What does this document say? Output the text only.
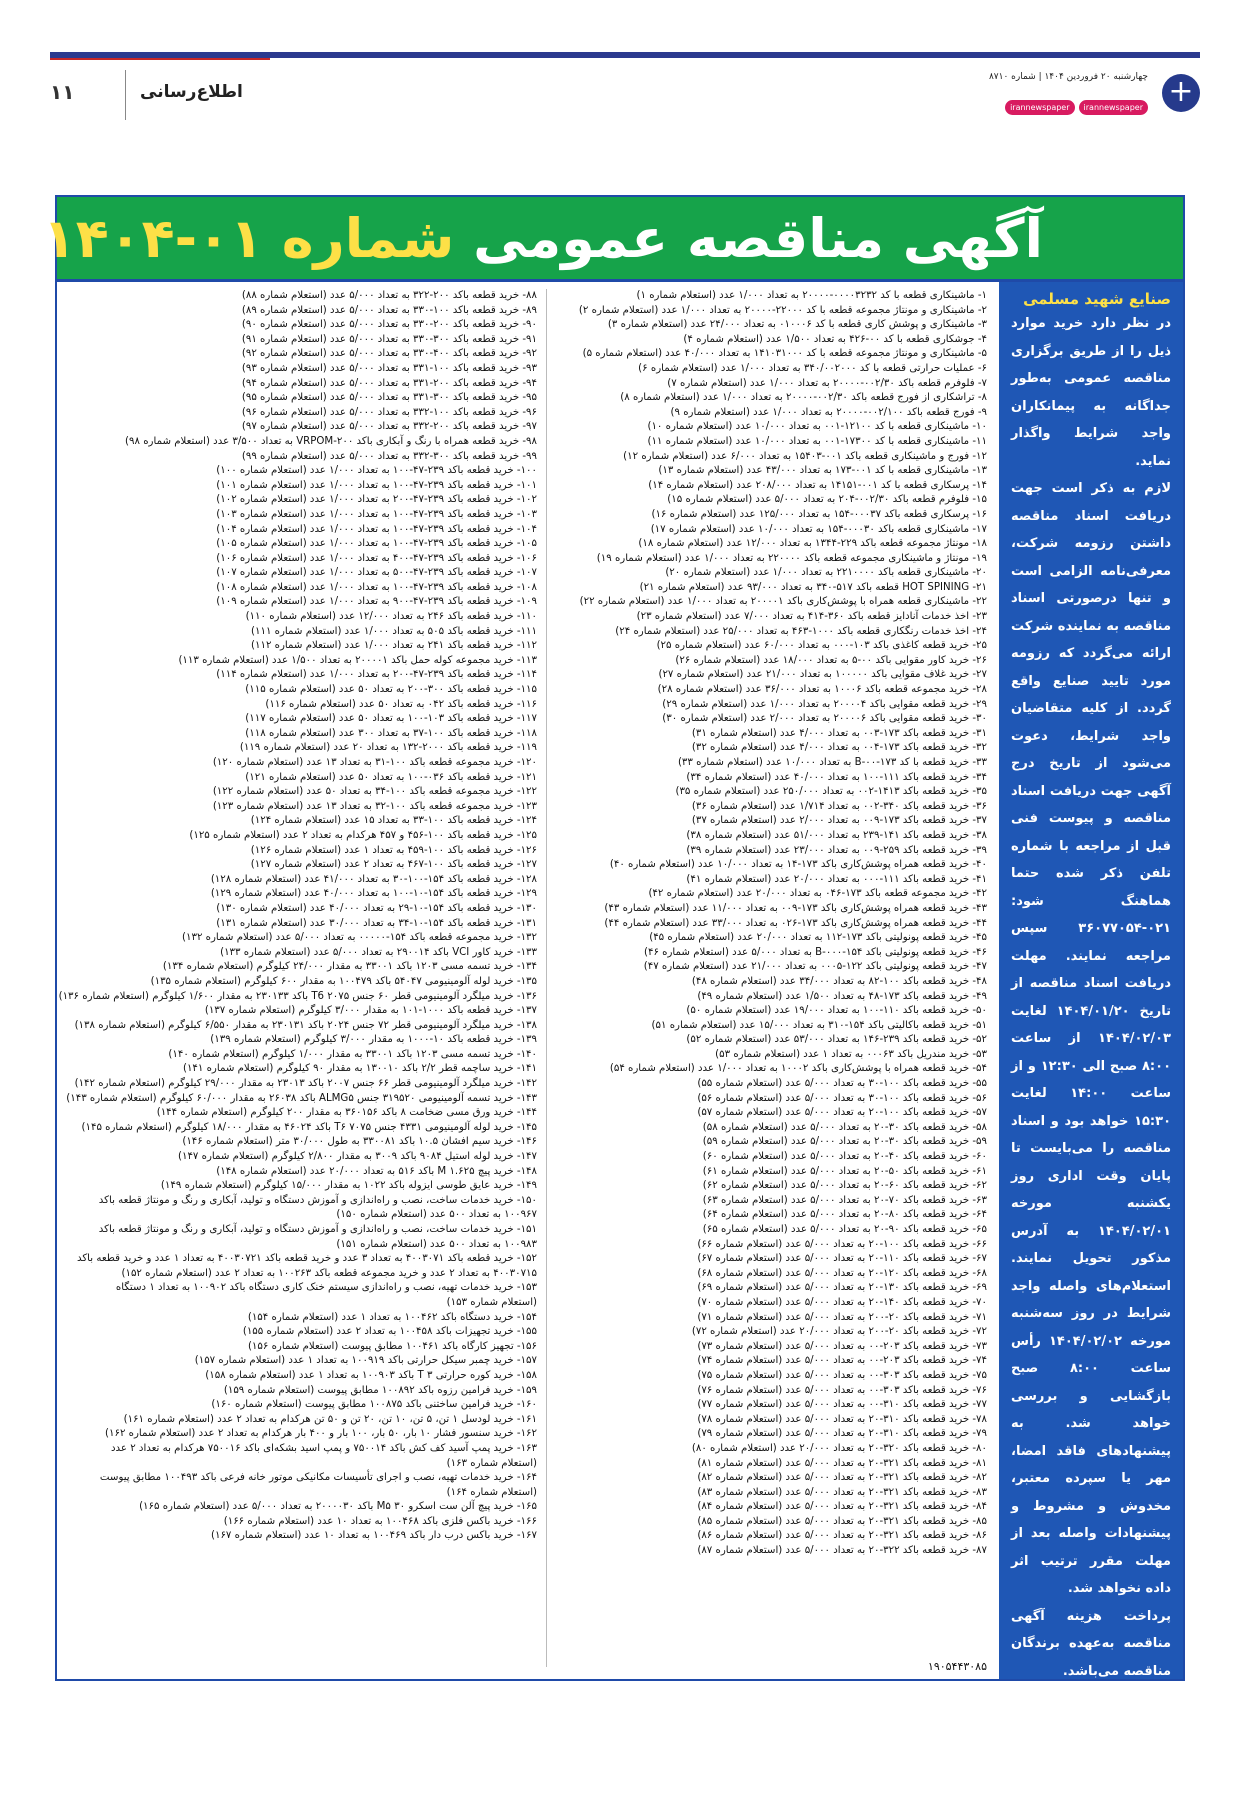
۱۱	اطلاع‌رسانی	+
چهارشنبه ۲۰ فروردین ۱۴۰۴ | شماره ۸۷۱۰
irannewspaper
irannewspaper
آگهی مناقصه عمومی شماره ۰۱-۱۴۰۴
صنایع شهید مسلمی
در نظر دارد خرید موارد ذیل را از طریق برگزاری مناقصه عمومی به‌طور جداگانه به پیمانکاران واجد شرایط واگذار نماید.
لازم به ذکر است جهت دریافت اسناد مناقصه داشتن رزومه شرکت، معرفی‌نامه الزامی است و تنها درصورتی اسناد مناقصه به نماینده شرکت ارائه می‌گردد که رزومه مورد تایید صنایع واقع گردد. از کلیه متقاضیان واجد شرایط، دعوت می‌شود از تاریخ درج آگهی جهت دریافت اسناد مناقصه و پیوست فنی قبل از مراجعه با شماره تلفن ذکر شده حتما هماهنگ شود: ۰۲۱-۳۶۰۷۷۰۵۴ سپس مراجعه نمایند. مهلت دریافت اسناد مناقصه از تاریخ ۱۴۰۴/۰۱/۲۰ لغایت ۱۴۰۴/۰۲/۰۳ از ساعت ۸:۰۰ صبح الی ۱۲:۳۰ و از ساعت ۱۴:۰۰ لغایت ۱۵:۳۰ خواهد بود و اسناد مناقصه را می‌بایست تا پایان وقت اداری روز یکشنبه مورخه ۱۴۰۴/۰۲/۰۱ به آدرس مذکور تحویل نمایند. استعلام‌های واصله واجد شرایط در روز سه‌شنبه مورخه ۱۴۰۴/۰۲/۰۲ رأس ساعت ۸:۰۰ صبح بازگشایی و بررسی خواهد شد. به پیشنهادهای فاقد امضا، مهر یا سپرده معتبر، مخدوش و مشروط و پیشنهادات واصله بعد از مهلت مقرر ترتیب اثر داده نخواهد شد.
پرداخت هزینه آگهی مناقصه به‌عهده برندگان مناقصه می‌باشد.
هر شرکت‌کننده جهت حضور در یک یا چند موضوع مناقصه مختار می‌باشد.
۱- ماشینکاری قطعه با کد ۰۰۰۰۳۲۳۲-۲۰۰۰۰ به تعداد ۱/۰۰۰ عدد (استعلام شماره ۱)
۲- ماشینکاری و مونتاژ مجموعه قطعه با کد ۲۲۰۰۰-۲۰۰۰۰ به تعداد ۱/۰۰۰ عدد (استعلام شماره ۲)
۳- ماشینکاری و پوشش کاری قطعه با کد ۰۱۰۰۰۶ به تعداد ۲۴/۰۰۰ عدد (استعلام شماره ۳)
۴- جوشکاری قطعه با کد ۰۰-۴۲۶ به تعداد ۱/۵۰۰ عدد (استعلام شماره ۴)
۵- ماشینکاری و مونتاژ مجموعه قطعه با کد ۱۴۱۰۳۱۰۰۰ به تعداد ۴۰/۰۰۰ عدد (استعلام شماره ۵)
۶- عملیات حرارتی قطعه با کد ۳۴۰/۰۰۲۰۰۰ به تعداد ۱/۰۰۰ عدد (استعلام شماره ۶)
۷- فلوفرم قطعه باکد ۰۰۲/۳۰-۲۰۰۰۰ به تعداد ۱/۰۰۰ عدد (استعلام شماره ۷)
۸- تراشکاری از فورج قطعه باکد ۰۰۲/۳۰-۲۰۰۰۰ به تعداد ۱/۰۰۰ عدد (استعلام شماره ۸)
۹- فورج قطعه باکد ۰۰۲/۱۰۰-۲۰۰۰۰ به تعداد ۱/۰۰۰ عدد (استعلام شماره ۹)
۱۰- ماشینکاری قطعه با کد ۱۲۱۰۰-۰۰۱ به تعداد ۱۰/۰۰۰ عدد (استعلام شماره ۱۰)
۱۱- ماشینکاری قطعه با کد ۱۷۳۰۰-۰۰۱ به تعداد ۱۰/۰۰۰ عدد (استعلام شماره ۱۱)
۱۲- فورج و ماشینکاری قطعه باکد ۰۰۱-۱۵۴۰۳ به تعداد ۶/۰۰۰ عدد (استعلام شماره ۱۲)
۱۳- ماشینکاری قطعه با کد ۰۰۱-۱۷۳ به تعداد ۴۳/۰۰۰ عدد (استعلام شماره ۱۳)
۱۴- پرسکاری قطعه با کد ۰۰۱-۱۴۱۵۱ به تعداد ۲۰۸/۰۰۰ عدد (استعلام شماره ۱۴)
۱۵- فلوفرم قطعه باکد ۰۰۲/۳۰-۲۰۴ به تعداد ۵/۰۰۰ عدد (استعلام شماره ۱۵)
۱۶- پرسکاری قطعه باکد ۰۰۰۳۷-۱۵۴ به تعداد ۱۲۵/۰۰۰ عدد (استعلام شماره ۱۶)
۱۷- ماشینکاری قطعه باکد ۰۰۰۳۰-۱۵۴ به تعداد ۱۰/۰۰۰ عدد (استعلام شماره ۱۷)
۱۸- مونتاژ مجموعه قطعه باکد ۲۲۹-۱۳۴۴ به تعداد ۱۲/۰۰۰ عدد (استعلام شماره ۱۸)
۱۹- مونتاژ و ماشینکاری مجموعه قطعه باکد ۲۲۰۰۰۰ به تعداد ۱/۰۰۰ عدد (استعلام شماره ۱۹)
۲۰- ماشینکاری قطعه باکد ۲۲۱۰۰۰۰ به تعداد ۱/۰۰۰ عدد (استعلام شماره ۲۰)
۲۱- HOT SPINING قطعه باکد ۵۱۷-۳۴۰ به تعداد ۹۳/۰۰۰ عدد (استعلام شماره ۲۱)
۲۲- ماشینکاری قطعه همراه با پوشش‌کاری باکد ۲۰۰۰۰۱ به تعداد ۱/۰۰۰ عدد (استعلام شماره ۲۲)
۲۳- اخذ خدمات آنادایز قطعه باکد ۳۶۰-۴۱۴ به تعداد ۷/۰۰۰ عدد (استعلام شماره ۲۳)
۲۴- اخذ خدمات رنگکاری قطعه باکد ۱۰۰۰-۴۶۳ به تعداد ۲۵/۰۰۰ عدد (استعلام شماره ۲۴)
۲۵- خرید قطعه کاغذی باکد ۱۰۳-۰۰۰ به تعداد ۶۰/۰۰۰ عدد (استعلام شماره ۲۵)
۲۶- خرید کاور مقوایی باکد ۰۰-۵ به تعداد ۱۸/۰۰۰ عدد (استعلام شماره ۲۶)
۲۷- خرید غلاف مقوایی باکد ۱۰۰۰۰۰ به تعداد ۲۱/۰۰۰ عدد (استعلام شماره ۲۷)
۲۸- خرید مجموعه قطعه باکد ۱۰۰۰۶ به تعداد ۳۶/۰۰۰ عدد (استعلام شماره ۲۸)
۲۹- خرید قطعه مقوایی باکد ۲۰۰۰۰۴ به تعداد ۱/۰۰۰ عدد (استعلام شماره ۲۹)
۳۰- خرید قطعه مقوایی باکد ۲۰۰۰۰۶ به تعداد ۲/۰۰۰ عدد (استعلام شماره ۳۰)
۳۱- خرید قطعه باکد ۱۷۳-۰۰۳ به تعداد ۴/۰۰۰ عدد (استعلام شماره ۳۱)
۳۲- خرید قطعه باکد ۱۷۳-۰۰۴ به تعداد ۴/۰۰۰ عدد (استعلام شماره ۳۲)
۳۳- خرید قطعه با کد ۱۷۳-۰۰-B به تعداد ۱۰/۰۰۰ عدد (استعلام شماره ۳۳)
۳۴- خرید قطعه باکد ۱۱۱-۱۰۰ به تعداد ۴۰/۰۰۰ عدد (استعلام شماره ۳۴)
۳۵- خرید قطعه باکد ۱۴۱۳-۰۰۲ به تعداد ۲۵۰/۰۰۰ عدد (استعلام شماره ۳۵)
۳۶- خرید قطعه باکد ۳۴۰-۰۰۲ به تعداد ۱/۷۱۴ عدد (استعلام شماره ۳۶)
۳۷- خرید قطعه باکد ۱۷۳-۰۰۹ به تعداد ۲/۰۰۰ عدد (استعلام شماره ۳۷)
۳۸- خرید قطعه باکد ۱۴۱-۲۳۹ به تعداد ۵۱/۰۰۰ عدد (استعلام شماره ۳۸)
۳۹- خرید قطعه باکد ۲۵۹-۰۰۹ به تعداد ۲۳/۰۰۰ عدد (استعلام شماره ۳۹)
۴۰- خرید قطعه همراه پوشش‌کاری باکد ۱۷۳-۱۴ به تعداد ۱۰/۰۰۰ عدد (استعلام شماره ۴۰)
۴۱- خرید قطعه باکد ۱۱۱-۰۰۰ به تعداد ۲۰/۰۰۰ عدد (استعلام شماره ۴۱)
۴۲- خرید مجموعه قطعه باکد ۱۷۳-۰۴۶ به تعداد ۲۰/۰۰۰ عدد (استعلام شماره ۴۲)
۴۳- خرید قطعه همراه پوشش‌کاری باکد ۱۷۳-۰۰۹ به تعداد ۱۱/۰۰۰ عدد (استعلام شماره ۴۳)
۴۴- خرید قطعه همراه پوشش‌کاری باکد ۱۷۳-۰۲۶ به تعداد ۳۳/۰۰۰ عدد (استعلام شماره ۴۴)
۴۵- خرید قطعه پونولیتی باکد ۱۷۳-۱۱۲ به تعداد ۲۰/۰۰۰ عدد (استعلام شماره ۴۵)
۴۶- خرید قطعه پونولیتی باکد ۱۵۴-۰۰۰-B به تعداد ۵/۰۰۰ عدد (استعلام شماره ۴۶)
۴۷- خرید قطعه پونولیتی باکد ۱۲۲-۰۰۰۵ به تعداد ۲۱/۰۰۰ عدد (استعلام شماره ۴۷)
۴۸- خرید قطعه باکد ۱۰۰-۸۲ به تعداد ۳۴/۰۰۰ عدد (استعلام شماره ۴۸)
۴۹- خرید قطعه باکد ۱۷۳-۴۸ به تعداد ۱/۵۰۰ عدد (استعلام شماره ۴۹)
۵۰- خرید قطعه باکد ۱۱۰-۱۰۰ به تعداد ۱۹/۰۰۰ عدد (استعلام شماره ۵۰)
۵۱- خرید قطعه باکالیتی باکد ۱۵۴-۳۱۰ به تعداد ۱۵/۰۰۰ عدد (استعلام شماره ۵۱)
۵۲- خرید قطعه باکد ۲۳۹-۱۴۶ به تعداد ۵۳/۰۰۰ عدد (استعلام شماره ۵۲)
۵۳- خرید مندریل باکد ۰۰۰۶۳ به تعداد ۱ عدد (استعلام شماره ۵۳)
۵۴- خرید قطعه همراه با پوشش‌کاری باکد ۱۰۰۰۲ به تعداد ۱/۰۰۰ عدد (استعلام شماره ۵۴)
۵۵- خرید قطعه باکد ۱۰۰-۳۰ به تعداد ۵/۰۰۰ عدد (استعلام شماره ۵۵)
۵۶- خرید قطعه باکد ۱۰۰-۳۰ به تعداد ۵/۰۰۰ عدد (استعلام شماره ۵۶)
۵۷- خرید قطعه باکد ۱۰۰-۲۰ به تعداد ۵/۰۰۰ عدد (استعلام شماره ۵۷)
۵۸- خرید قطعه باکد ۳۰-۲۰ به تعداد ۵/۰۰۰ عدد (استعلام شماره ۵۸)
۵۹- خرید قطعه باکد ۳۰-۲۰ به تعداد ۵/۰۰۰ عدد (استعلام شماره ۵۹)
۶۰- خرید قطعه باکد ۴۰-۲۰ به تعداد ۵/۰۰۰ عدد (استعلام شماره ۶۰)
۶۱- خرید قطعه باکد ۵۰-۲۰ به تعداد ۵/۰۰۰ عدد (استعلام شماره ۶۱)
۶۲- خرید قطعه باکد ۶۰-۲۰ به تعداد ۵/۰۰۰ عدد (استعلام شماره ۶۲)
۶۳- خرید قطعه باکد ۷۰-۲۰ به تعداد ۵/۰۰۰ عدد (استعلام شماره ۶۳)
۶۴- خرید قطعه باکد ۸۰-۲۰ به تعداد ۵/۰۰۰ عدد (استعلام شماره ۶۴)
۶۵- خرید قطعه باکد ۹۰-۲۰ به تعداد ۵/۰۰۰ عدد (استعلام شماره ۶۵)
۶۶- خرید قطعه باکد ۱۰۰-۲۰ به تعداد ۵/۰۰۰ عدد (استعلام شماره ۶۶)
۶۷- خرید قطعه باکد ۱۱۰-۲۰ به تعداد ۵/۰۰۰ عدد (استعلام شماره ۶۷)
۶۸- خرید قطعه باکد ۱۲۰-۲۰ به تعداد ۵/۰۰۰ عدد (استعلام شماره ۶۸)
۶۹- خرید قطعه باکد ۱۳۰-۲۰ به تعداد ۵/۰۰۰ عدد (استعلام شماره ۶۹)
۷۰- خرید قطعه باکد ۱۴۰-۲۰ به تعداد ۵/۰۰۰ عدد (استعلام شماره ۷۰)
۷۱- خرید قطعه باکد ۲۰-۲۰۰ به تعداد ۵/۰۰۰ عدد (استعلام شماره ۷۱)
۷۲- خرید قطعه باکد ۲۰-۲۰۰ به تعداد ۲۰/۰۰۰ عدد (استعلام شماره ۷۲)
۷۳- خرید قطعه باکد ۲۰۳-۰۰ به تعداد ۵/۰۰۰ عدد (استعلام شماره ۷۳)
۷۴- خرید قطعه باکد ۲۰۳-۰۰ به تعداد ۵/۰۰۰ عدد (استعلام شماره ۷۴)
۷۵- خرید قطعه باکد ۳۰۳-۰۰ به تعداد ۵/۰۰۰ عدد (استعلام شماره ۷۵)
۷۶- خرید قطعه باکد ۳۰۳-۰۰ به تعداد ۵/۰۰۰ عدد (استعلام شماره ۷۶)
۷۷- خرید قطعه باکد ۳۱۰-۰۰ به تعداد ۵/۰۰۰ عدد (استعلام شماره ۷۷)
۷۸- خرید قطعه باکد ۳۱۰-۲۰ به تعداد ۵/۰۰۰ عدد (استعلام شماره ۷۸)
۷۹- خرید قطعه باکد ۳۱۰-۲۰ به تعداد ۵/۰۰۰ عدد (استعلام شماره ۷۹)
۸۰- خرید قطعه باکد ۳۲۰-۲۰ به تعداد ۲۰/۰۰۰ عدد (استعلام شماره ۸۰)
۸۱- خرید قطعه باکد ۳۲۱-۲۰ به تعداد ۵/۰۰۰ عدد (استعلام شماره ۸۱)
۸۲- خرید قطعه باکد ۳۲۱-۲۰ به تعداد ۵/۰۰۰ عدد (استعلام شماره ۸۲)
۸۳- خرید قطعه باکد ۳۲۱-۲۰ به تعداد ۵/۰۰۰ عدد (استعلام شماره ۸۳)
۸۴- خرید قطعه باکد ۳۲۱-۲۰ به تعداد ۵/۰۰۰ عدد (استعلام شماره ۸۴)
۸۵- خرید قطعه باکد ۳۲۱-۲۰ به تعداد ۵/۰۰۰ عدد (استعلام شماره ۸۵)
۸۶- خرید قطعه باکد ۳۲۱-۲۰ به تعداد ۵/۰۰۰ عدد (استعلام شماره ۸۶)
۸۷- خرید قطعه باکد ۳۲۲-۲۰ به تعداد ۵/۰۰۰ عدد (استعلام شماره ۸۷)
۸۸- خرید قطعه باکد ۲۰۰-۳۲۲ به تعداد ۵/۰۰۰ عدد (استعلام شماره ۸۸)
۸۹- خرید قطعه باکد ۱۰۰-۳۳۰ به تعداد ۵/۰۰۰ عدد (استعلام شماره ۸۹)
۹۰- خرید قطعه باکد ۲۰۰-۳۳۰ به تعداد ۵/۰۰۰ عدد (استعلام شماره ۹۰)
۹۱- خرید قطعه باکد ۳۰۰-۳۳۰ به تعداد ۵/۰۰۰ عدد (استعلام شماره ۹۱)
۹۲- خرید قطعه باکد ۴۰۰-۳۳۰ به تعداد ۵/۰۰۰ عدد (استعلام شماره ۹۲)
۹۳- خرید قطعه باکد ۱۰۰-۳۳۱ به تعداد ۵/۰۰۰ عدد (استعلام شماره ۹۳)
۹۴- خرید قطعه باکد ۲۰۰-۳۳۱ به تعداد ۵/۰۰۰ عدد (استعلام شماره ۹۴)
۹۵- خرید قطعه باکد ۳۰۰-۳۳۱ به تعداد ۵/۰۰۰ عدد (استعلام شماره ۹۵)
۹۶- خرید قطعه باکد ۱۰۰-۳۳۲ به تعداد ۵/۰۰۰ عدد (استعلام شماره ۹۶)
۹۷- خرید قطعه باکد ۲۰۰-۳۳۲ به تعداد ۵/۰۰۰ عدد (استعلام شماره ۹۷)
۹۸- خرید قطعه همراه با رنگ و آبکاری باکد VRPOM-۲۰۰ به تعداد ۳/۵۰۰ عدد (استعلام شماره ۹۸)
۹۹- خرید قطعه باکد ۳۰۰-۳۳۲ به تعداد ۵/۰۰۰ عدد (استعلام شماره ۹۹)
۱۰۰- خرید قطعه باکد ۲۳۹-۴۷-۱۰۰ به تعداد ۱/۰۰۰ عدد (استعلام شماره ۱۰۰)
۱۰۱- خرید قطعه باکد ۲۳۹-۴۷-۱۰۰ به تعداد ۱/۰۰۰ عدد (استعلام شماره ۱۰۱)
۱۰۲- خرید قطعه باکد ۲۳۹-۴۷-۲۰۰ به تعداد ۱/۰۰۰ عدد (استعلام شماره ۱۰۲)
۱۰۳- خرید قطعه باکد ۲۳۹-۴۷-۱۰۰ به تعداد ۱/۰۰۰ عدد (استعلام شماره ۱۰۳)
۱۰۴- خرید قطعه باکد ۲۳۹-۴۷-۱۰۰ به تعداد ۱/۰۰۰ عدد (استعلام شماره ۱۰۴)
۱۰۵- خرید قطعه باکد ۲۳۹-۴۷-۱۰۰ به تعداد ۱/۰۰۰ عدد (استعلام شماره ۱۰۵)
۱۰۶- خرید قطعه باکد ۲۳۹-۴۷-۴۰۰ به تعداد ۱/۰۰۰ عدد (استعلام شماره ۱۰۶)
۱۰۷- خرید قطعه باکد ۲۳۹-۴۷-۵۰۰ به تعداد ۱/۰۰۰ عدد (استعلام شماره ۱۰۷)
۱۰۸- خرید قطعه باکد ۲۳۹-۴۷-۱۰۰ به تعداد ۱/۰۰۰ عدد (استعلام شماره ۱۰۸)
۱۰۹- خرید قطعه باکد ۲۳۹-۴۷-۹۰۰ به تعداد ۱/۰۰۰ عدد (استعلام شماره ۱۰۹)
۱۱۰- خرید قطعه باکد ۲۴۶ به تعداد ۱۲/۰۰۰ عدد (استعلام شماره ۱۱۰)
۱۱۱- خرید قطعه باکد ۵۰۵ به تعداد ۱/۰۰۰ عدد (استعلام شماره ۱۱۱)
۱۱۲- خرید قطعه باکد ۲۴۱ به تعداد ۱/۰۰۰ عدد (استعلام شماره ۱۱۲)
۱۱۳- خرید مجموعه کوله حمل باکد ۲۰۰۰۰۱ به تعداد ۱/۵۰۰ عدد (استعلام شماره ۱۱۳)
۱۱۴- خرید قطعه باکد ۲۳۹-۴۷-۲۰۰ به تعداد ۱/۰۰۰ عدد (استعلام شماره ۱۱۴)
۱۱۵- خرید قطعه باکد ۳۰۰-۲۰۰ به تعداد ۵۰ عدد (استعلام شماره ۱۱۵)
۱۱۶- خرید قطعه باکد ۰۴۲ به تعداد ۵۰ عدد (استعلام شماره ۱۱۶)
۱۱۷- خرید قطعه باکد ۱۰۳-۱۰۰ به تعداد ۵۰ عدد (استعلام شماره ۱۱۷)
۱۱۸- خرید قطعه باکد ۱۰۰-۳۷ به تعداد ۳۰۰ عدد (استعلام شماره ۱۱۸)
۱۱۹- خرید قطعه باکد ۲۰۰۰-۱۳۲ به تعداد ۲۰ عدد (استعلام شماره ۱۱۹)
۱۲۰- خرید مجموعه قطعه باکد ۱۰۰-۳۱ به تعداد ۱۳ عدد (استعلام شماره ۱۲۰)
۱۲۱- خرید قطعه باکد ۰۳۶-۱۰۰ به تعداد ۵۰ عدد (استعلام شماره ۱۲۱)
۱۲۲- خرید مجموعه قطعه باکد ۱۰۰-۳۴ به تعداد ۵۰ عدد (استعلام شماره ۱۲۲)
۱۲۳- خرید مجموعه قطعه باکد ۱۰۰-۳۲ به تعداد ۱۳ عدد (استعلام شماره ۱۲۳)
۱۲۴- خرید قطعه باکد ۱۰۰-۳۳ به تعداد ۱۵ عدد (استعلام شماره ۱۲۴)
۱۲۵- خرید قطعه باکد ۱۰۰-۴۵۶ و ۴۵۷ هرکدام به تعداد ۲ عدد (استعلام شماره ۱۲۵)
۱۲۶- خرید قطعه باکد ۱۰۰-۴۵۹ به تعداد ۱ عدد (استعلام شماره ۱۲۶)
۱۲۷- خرید قطعه باکد ۱۰۰-۴۶۷ به تعداد ۲ عدد (استعلام شماره ۱۲۷)
۱۲۸- خرید قطعه باکد ۱۵۴-۱۰۰-۳۰ به تعداد ۴۱/۰۰۰ عدد (استعلام شماره ۱۲۸)
۱۲۹- خرید قطعه باکد ۱۵۴-۱۰-۱۰۰ به تعداد ۴۰/۰۰۰ عدد (استعلام شماره ۱۲۹)
۱۳۰- خرید قطعه باکد ۱۵۴-۱۰-۲۹ به تعداد ۴۰/۰۰۰ عدد (استعلام شماره ۱۳۰)
۱۳۱- خرید قطعه باکد ۱۵۴-۱۰-۳۴ به تعداد ۳۰/۰۰۰ عدد (استعلام شماره ۱۳۱)
۱۳۲- خرید مجموعه قطعه باکد ۱۵۴-۰۰۰۰۰ به تعداد ۵/۰۰۰ عدد (استعلام شماره ۱۳۲)
۱۳۳- خرید کاور VCI باکد ۲۹۰۰۱۴ به تعداد ۵/۰۰۰ عدد (استعلام شماره ۱۳۳)
۱۳۴- خرید تسمه مسی ۱۲۰۳ باکد ۳۳۰۰۱ به مقدار ۲۴/۰۰۰ کیلوگرم (استعلام شماره ۱۳۴)
۱۳۵- خرید لوله آلومینیومی ۵۴۰۴۷ باکد ۱۰۰۴۷۹ به مقدار ۶۰۰ کیلوگرم (استعلام شماره ۱۳۵)
۱۳۶- خرید میلگرد آلومینیومی قطر ۶۰ جنس ۲۰۷۵ T6 باکد ۲۳۰۱۳۳ به مقدار ۱/۶۰۰ کیلوگرم (استعلام شماره ۱۳۶)
۱۳۷- خرید قطعه باکد ۱۰۰۰-۱۰۱ به مقدار ۳/۰۰۰ کیلوگرم (استعلام شماره ۱۳۷)
۱۳۸- خرید میلگرد آلومینیومی قطر ۷۲ جنس ۲۰۲۴ باکد ۲۳۰۱۳۱ به مقدار ۶/۵۵۰ کیلوگرم (استعلام شماره ۱۳۸)
۱۳۹- خرید قطعه باکد ۱۰-۱۰۰۰ به مقدار ۳/۰۰۰ کیلوگرم (استعلام شماره ۱۳۹)
۱۴۰- خرید تسمه مسی ۱۲۰۳ باکد ۳۳۰۰۱ به مقدار ۱/۰۰۰ کیلوگرم (استعلام شماره ۱۴۰)
۱۴۱- خرید ساچمه قطر ۲/۲ باکد ۱۳۰۰۱۰ به مقدار ۹۰ کیلوگرم (استعلام شماره ۱۴۱)
۱۴۲- خرید میلگرد آلومینیومی قطر ۶۶ جنس ۲۰۰۷ باکد ۲۳۰۱۳ به مقدار ۲۹/۰۰۰ کیلوگرم (استعلام شماره ۱۴۲)
۱۴۳- خرید تسمه آلومینیومی ۳۱۹۵۲۰ جنس ALMG۵ باکد ۲۶۰۳۸ به مقدار ۶۰/۰۰۰ کیلوگرم (استعلام شماره ۱۴۳)
۱۴۴- خرید ورق مسی ضخامت ۸ باکد ۳۶۰۱۵۶ به مقدار ۲۰۰ کیلوگرم (استعلام شماره ۱۴۴)
۱۴۵- خرید لوله آلومینیومی ۴۳۳۱ جنس ۷۰۷۵ T۶ باکد ۴۶۰۲۴ به مقدار ۱۸/۰۰۰ کیلوگرم (استعلام شماره ۱۴۵)
۱۴۶- خرید سیم افشان ۱۰.۵ باکد ۳۳۰۰۸۱ به طول ۳۰/۰۰۰ متر (استعلام شماره ۱۴۶)
۱۴۷- خرید لوله استیل ۹۰۸۴ باکد ۳۰۰۹ به مقدار ۲/۸۰۰ کیلوگرم (استعلام شماره ۱۴۷)
۱۴۸- خرید پیچ ۱.۶۲۵ M باکد ۵۱۶ به تعداد ۲۰/۰۰۰ عدد (استعلام شماره ۱۴۸)
۱۴۹- خرید عایق طوسی ایزوله باکد ۱۰۲۲ به مقدار ۱۵/۰۰۰ کیلوگرم (استعلام شماره ۱۴۹)
۱۵۰- خرید خدمات ساخت، نصب و راه‌اندازی و آموزش دستگاه و تولید، آبکاری و رنگ و مونتاژ قطعه باکد
۱۰۰۹۶۷ به تعداد ۵۰۰ عدد (استعلام شماره ۱۵۰)
۱۵۱- خرید خدمات ساخت، نصب و راه‌اندازی و آموزش دستگاه و تولید، آبکاری و رنگ و مونتاژ قطعه باکد
۱۰۰۹۸۳ به تعداد ۵۰۰ عدد (استعلام شماره ۱۵۱)
۱۵۲- خرید قطعه باکد ۴۰۰۳۰۷۱ به تعداد ۳ عدد و خرید قطعه باکد ۴۰۰۳۰۷۲۱ به تعداد ۱ عدد و خرید قطعه باکد
۴۰۰۳۰۷۱۵ به تعداد ۲ عدد و خرید مجموعه قطعه باکد ۱۰۰۲۶۳ به تعداد ۲ عدد (استعلام شماره ۱۵۲)
۱۵۳- خرید خدمات تهیه، نصب و راه‌اندازی سیستم خنک کاری دستگاه باکد ۱۰۰۹۰۲ به تعداد ۱ دستگاه
(استعلام شماره ۱۵۳)
۱۵۴- خرید دستگاه باکد ۱۰۰۴۶۲ به تعداد ۱ عدد (استعلام شماره ۱۵۴)
۱۵۵- خرید تجهیزات باکد ۱۰۰۴۵۸ به تعداد ۲ عدد (استعلام شماره ۱۵۵)
۱۵۶- تجهیز کارگاه باکد ۱۰۰۴۶۱ مطابق پیوست (استعلام شماره ۱۵۶)
۱۵۷- خرید چمبر سیکل حرارتی باکد ۱۰۰۹۱۹ به تعداد ۱ عدد (استعلام شماره ۱۵۷)
۱۵۸- خرید کوره حرارتی ۳ T باکد ۱۰۰۹۰۳ به تعداد ۱ عدد (استعلام شماره ۱۵۸)
۱۵۹- خرید فرامین رزوه باکد ۱۰۰۸۹۲ مطابق پیوست (استعلام شماره ۱۵۹)
۱۶۰- خرید فرامین ساختنی باکد ۱۰۰۸۷۵ مطابق پیوست (استعلام شماره ۱۶۰)
۱۶۱- خرید لودسل ۱ تن، ۵ تن، ۱۰ تن، ۲۰ تن و ۵۰ تن هرکدام به تعداد ۲ عدد (استعلام شماره ۱۶۱)
۱۶۲- خرید سنسور فشار ۱۰ بار، ۵۰ بار، ۱۰۰ بار و ۴۰۰ بار هرکدام به تعداد ۲ عدد (استعلام شماره ۱۶۲)
۱۶۳- خرید پمپ آسید کف کش باکد ۷۵۰۰۱۴ و پمپ اسید بشکه‌ای باکد ۷۵۰۰۱۶ هرکدام به تعداد ۲ عدد
(استعلام شماره ۱۶۳)
۱۶۴- خرید خدمات تهیه، نصب و اجرای تأسیسات مکانیکی موتور خانه فرعی باکد ۱۰۰۴۹۳ مطابق پیوست
(استعلام شماره ۱۶۴)
۱۶۵- خرید پیچ آلن ست اسکرو ۳۰ M۵ باکد ۲۰۰۰۰۳۰ به تعداد ۵/۰۰۰ عدد (استعلام شماره ۱۶۵)
۱۶۶- خرید باکس فلزی باکد ۱۰۰۴۶۸ به تعداد ۱۰ عدد (استعلام شماره ۱۶۶)
۱۶۷- خرید باکس درب دار باکد ۱۰۰۴۶۹ به تعداد ۱۰ عدد (استعلام شماره ۱۶۷)
۱۹۰۵۴۴۳۰۸۵
